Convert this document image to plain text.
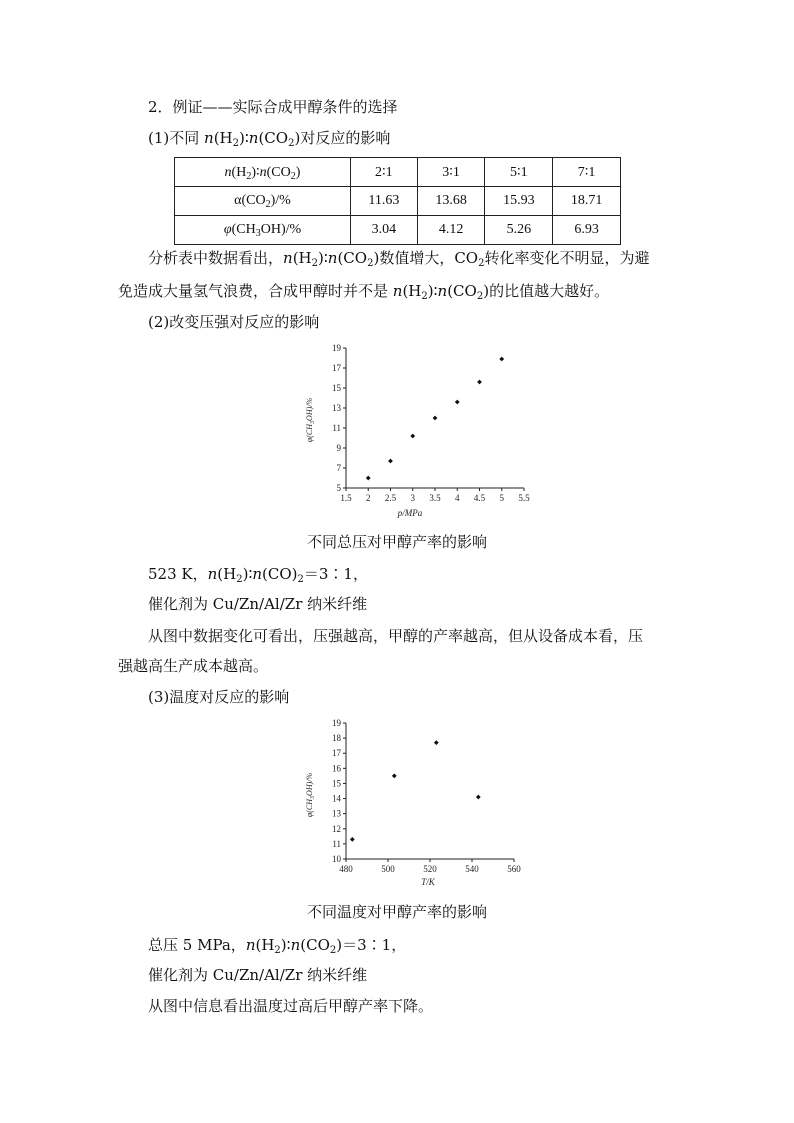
2．例证——实际合成甲醇条件的选择
(1)不同 $n(H_2)∶n(CO_2)$对反应的影响
$n(H_2)∶n(CO_2)$	2∶1	3∶1	5∶1	7∶1
$\alpha(CO_2)/\%$	11.63	13.68	15.93	18.71
$\varphi(CH_3OH)/\%$	3.04	4.12	5.26	6.93
分析表中数据看出，$n(H_2)∶n(CO_2)$数值增大，$CO_2$转化率变化不明显，为避
免造成大量氢气浪费，合成甲醇时并不是 $n(H_2)∶n(CO_2)$的比值越大越好。
(2)改变压强对反应的影响
1.5 2 2.5 3 3.5 4 4.5 5 5.5
5
7
9
11
13
15
17
19
$\varphi(CH_3OH)/\%$
p/MPa
不同总压对甲醇产率的影响
523 K，$n(H_2)∶n(CO)_2=3∶1$，
催化剂为 Cu/Zn/Al/Zr 纳米纤维
从图中数据变化可看出，压强越高，甲醇的产率越高，但从设备成本看，压
强越高生产成本越高。
(3)温度对反应的影响
480	500	520	540	560
10
11
12
13
14
15
16
17
18
19
$\varphi(CH_3OH)/\%$
T/K
不同温度对甲醇产率的影响
总压 5 MPa，$n(H_2)∶n(CO_2)=3∶1$，
催化剂为 Cu/Zn/Al/Zr 纳米纤维
从图中信息看出温度过高后甲醇产率下降。
